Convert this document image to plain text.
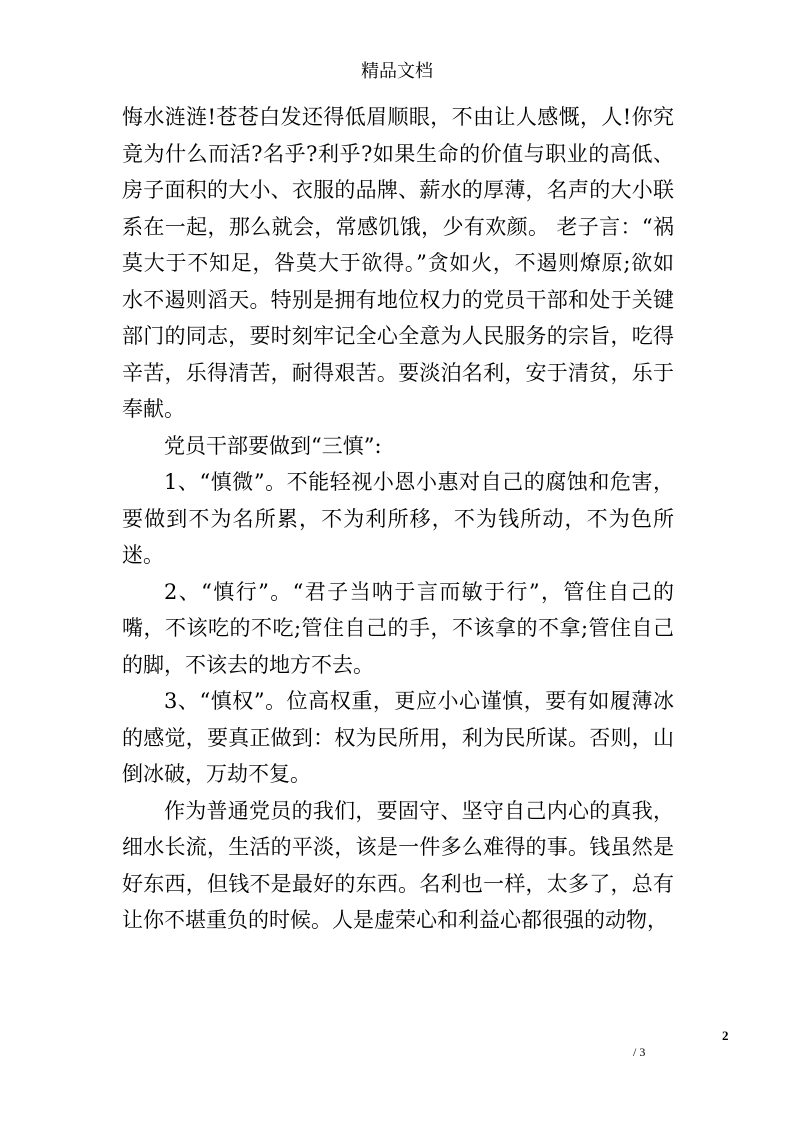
精品文档

悔水涟涟!苍苍白发还得低眉顺眼，不由让人感慨，人!你究竟为什么而活?名乎?利乎?如果生命的价值与职业的高低、房子面积的大小、衣服的品牌、薪水的厚薄，名声的大小联系在一起，那么就会，常感饥饿，少有欢颜。 老子言：“祸莫大于不知足，咎莫大于欲得。”贪如火，不遏则燎原;欲如水不遏则滔天。特别是拥有地位权力的党员干部和处于关键部门的同志，要时刻牢记全心全意为人民服务的宗旨，吃得辛苦，乐得清苦，耐得艰苦。要淡泊名利，安于清贫，乐于奉献。

党员干部要做到“三慎”:

1、“慎微”。不能轻视小恩小惠对自己的腐蚀和危害，要做到不为名所累，不为利所移，不为钱所动，不为色所迷。

2、“慎行”。“君子当呐于言而敏于行”，管住自己的嘴，不该吃的不吃;管住自己的手，不该拿的不拿;管住自己的脚，不该去的地方不去。

3、“慎权”。位高权重，更应小心谨慎，要有如履薄冰的感觉，要真正做到：权为民所用，利为民所谋。否则，山倒冰破，万劫不复。

作为普通党员的我们，要固守、坚守自己内心的真我，细水长流，生活的平淡，该是一件多么难得的事。钱虽然是好东西，但钱不是最好的东西。名利也一样，太多了，总有让你不堪重负的时候。人是虚荣心和利益心都很强的动物，

2
/ 3
